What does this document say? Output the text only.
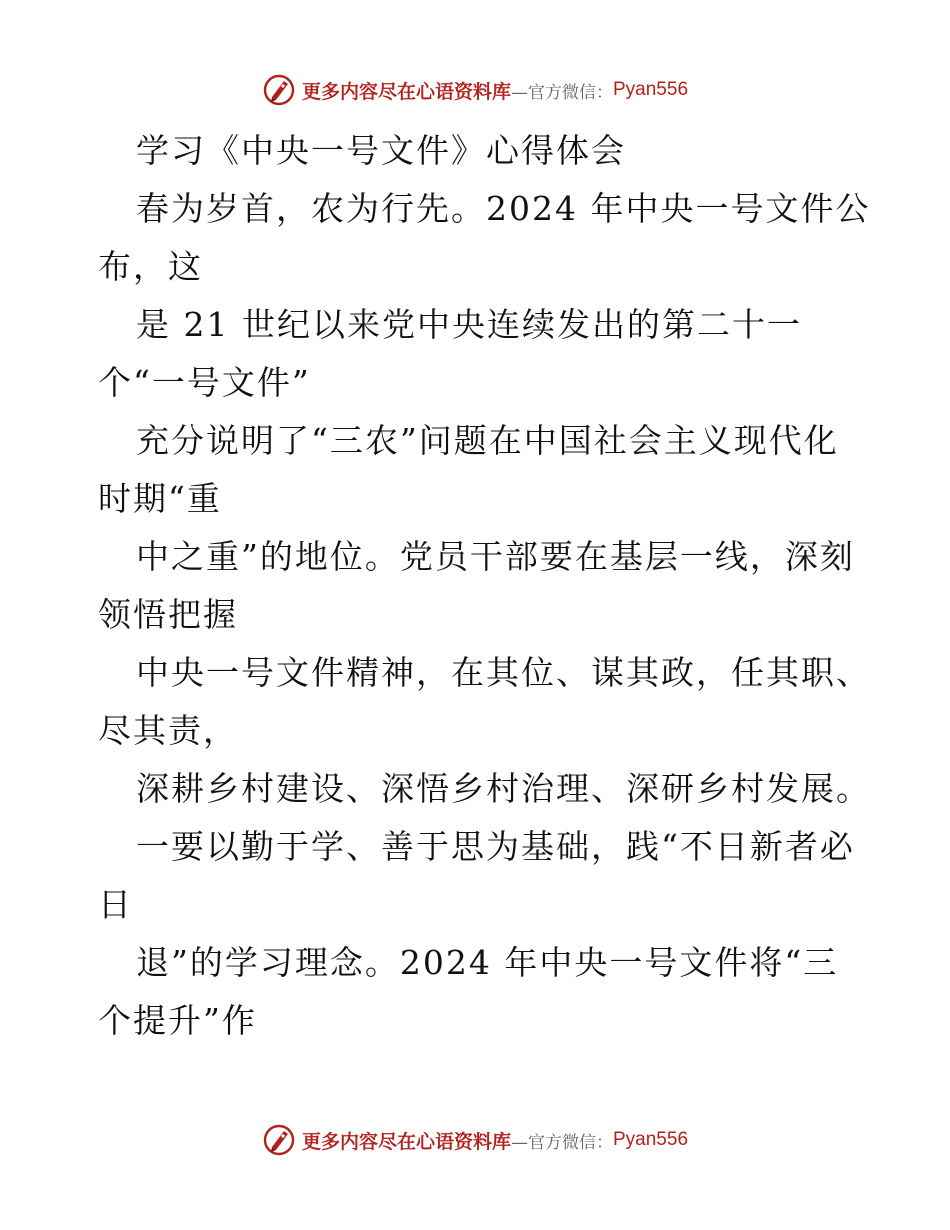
更多内容尽在心语资料库 —官方微信： Pyan556
学习《中央一号文件》心得体会
春为岁首，农为行先。2024 年中央一号文件公
布，这
是 21 世纪以来党中央连续发出的第二十一
个“一号文件”
充分说明了“三农”问题在中国社会主义现代化
时期“重
中之重”的地位。党员干部要在基层一线，深刻
领悟把握
中央一号文件精神，在其位、谋其政，任其职、
尽其责，
深耕乡村建设、深悟乡村治理、深研乡村发展。
一要以勤于学、善于思为基础，践“不日新者必
日
退”的学习理念。2024 年中央一号文件将“三
个提升”作
更多内容尽在心语资料库 —官方微信： Pyan556
